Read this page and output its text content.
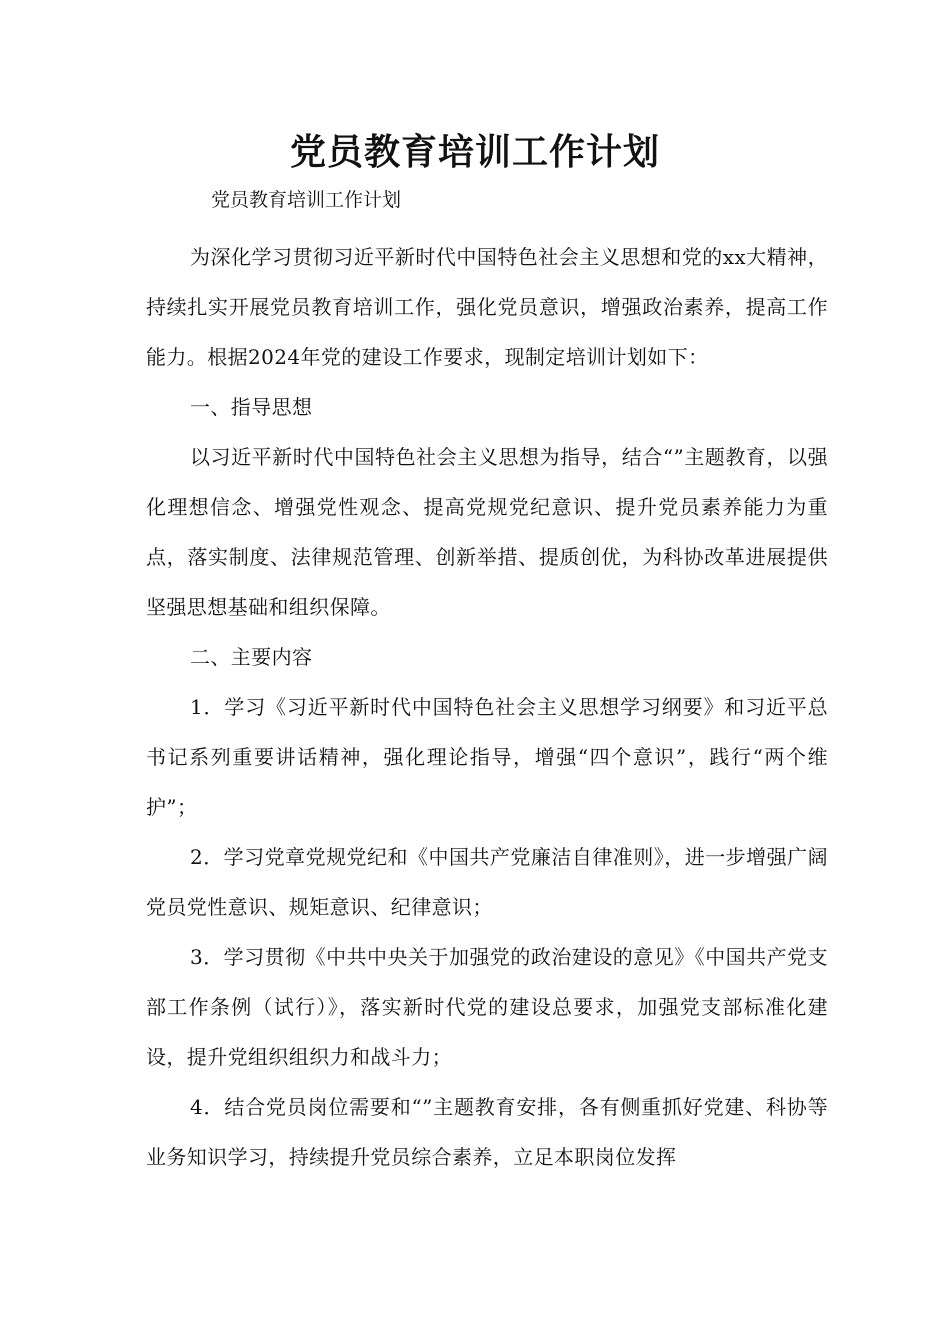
党员教育培训工作计划

党员教育培训工作计划

为深化学习贯彻习近平新时代中国特色社会主义思想和党的xx大精神，持续扎实开展党员教育培训工作，强化党员意识，增强政治素养，提高工作能力。根据2024年党的建设工作要求，现制定培训计划如下：

一、指导思想

以习近平新时代中国特色社会主义思想为指导，结合“”主题教育，以强化理想信念、增强党性观念、提高党规党纪意识、提升党员素养能力为重点，落实制度、法律规范管理、创新举措、提质创优，为科协改革进展提供坚强思想基础和组织保障。

二、主要内容

1．学习《习近平新时代中国特色社会主义思想学习纲要》和习近平总书记系列重要讲话精神，强化理论指导，增强“四个意识”，践行“两个维护”；

2．学习党章党规党纪和《中国共产党廉洁自律准则》，进一步增强广阔党员党性意识、规矩意识、纪律意识；

3．学习贯彻《中共中央关于加强党的政治建设的意见》《中国共产党支部工作条例（试行）》，落实新时代党的建设总要求，加强党支部标准化建设，提升党组织组织力和战斗力；

4．结合党员岗位需要和“”主题教育安排，各有侧重抓好党建、科协等业务知识学习，持续提升党员综合素养，立足本职岗位发挥
